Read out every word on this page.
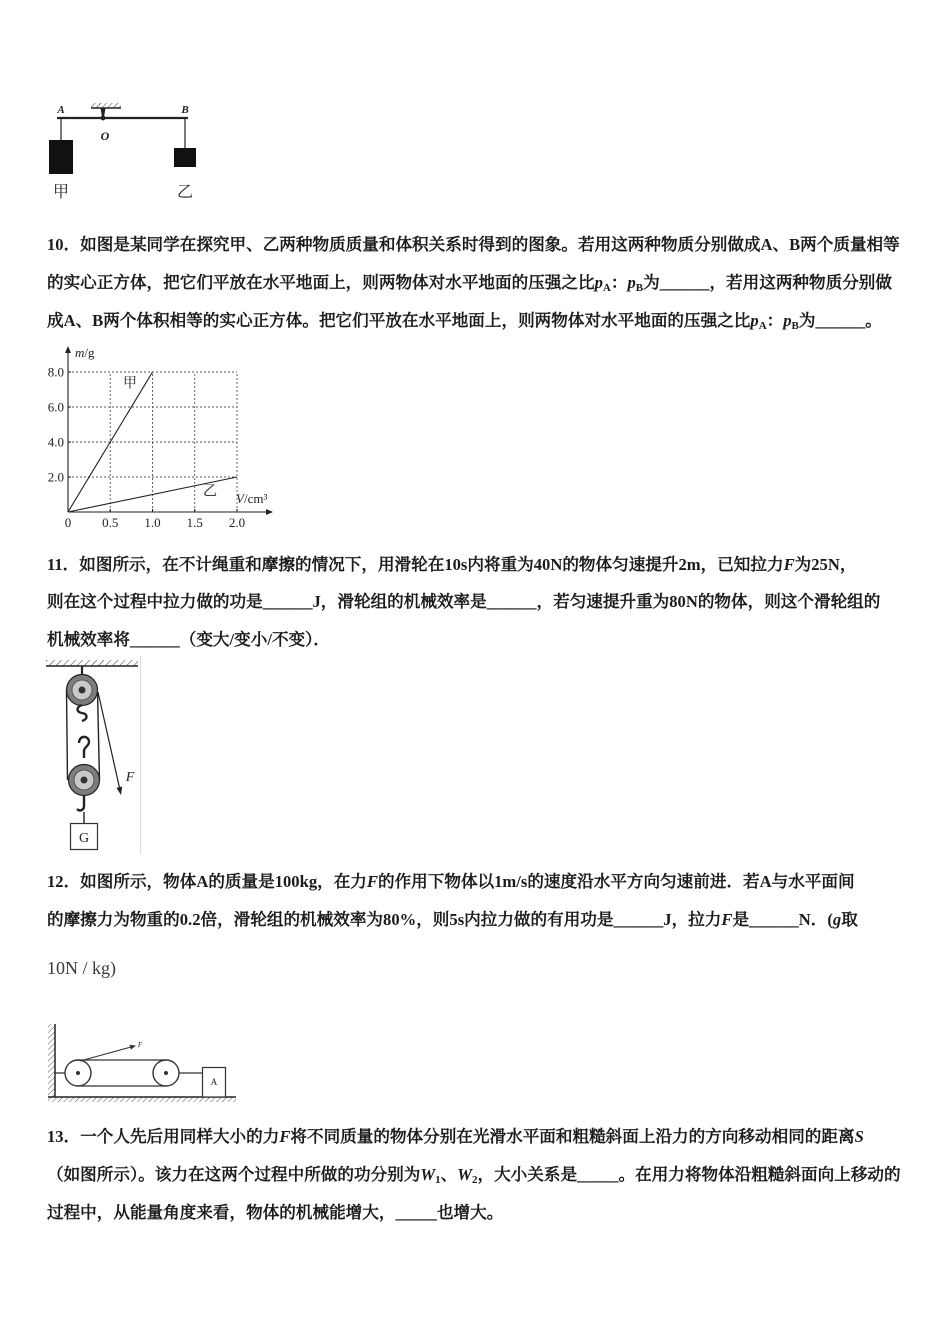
A	B
O
甲	乙
10．如图是某同学在探究甲、乙两种物质质量和体积关系时得到的图象。若用这两种物质分别做成A、B两个质量相等
的实心正方体，把它们平放在水平地面上，则两物体对水平地面的压强之比$p_A$：$p_B$为______，若用这两种物质分别做
成A、B两个体积相等的实心正方体。把它们平放在水平地面上，则两物体对水平地面的压强之比$p_A$：$p_B$为______。
2.0
4.0
6.0
8.0
0 0.5 1.0 1.5 2.0
m/g
V/cm³
甲
乙
11．如图所示，在不计绳重和摩擦的情况下，用滑轮在10s内将重为40N的物体匀速提升2m，已知拉力F为25N，
则在这个过程中拉力做的功是______J，滑轮组的机械效率是______，若匀速提升重为80N的物体，则这个滑轮组的
机械效率将______（变大/变小/不变）．
G
F
12．如图所示，物体A的质量是100kg，在力F的作用下物体以1m/s的速度沿水平方向匀速前进．若A与水平面间
的摩擦力为物重的0.2倍，滑轮组的机械效率为80%，则5s内拉力做的有用功是______J，拉力F是______N．(g取
10N / kg)
A
F
13．一个人先后用同样大小的力F将不同质量的物体分别在光滑水平面和粗糙斜面上沿力的方向移动相同的距离S
（如图所示）。该力在这两个过程中所做的功分别为$W_1$、$W_2$，大小关系是_____。在用力将物体沿粗糙斜面向上移动的
过程中，从能量角度来看，物体的机械能增大，_____也增大。
